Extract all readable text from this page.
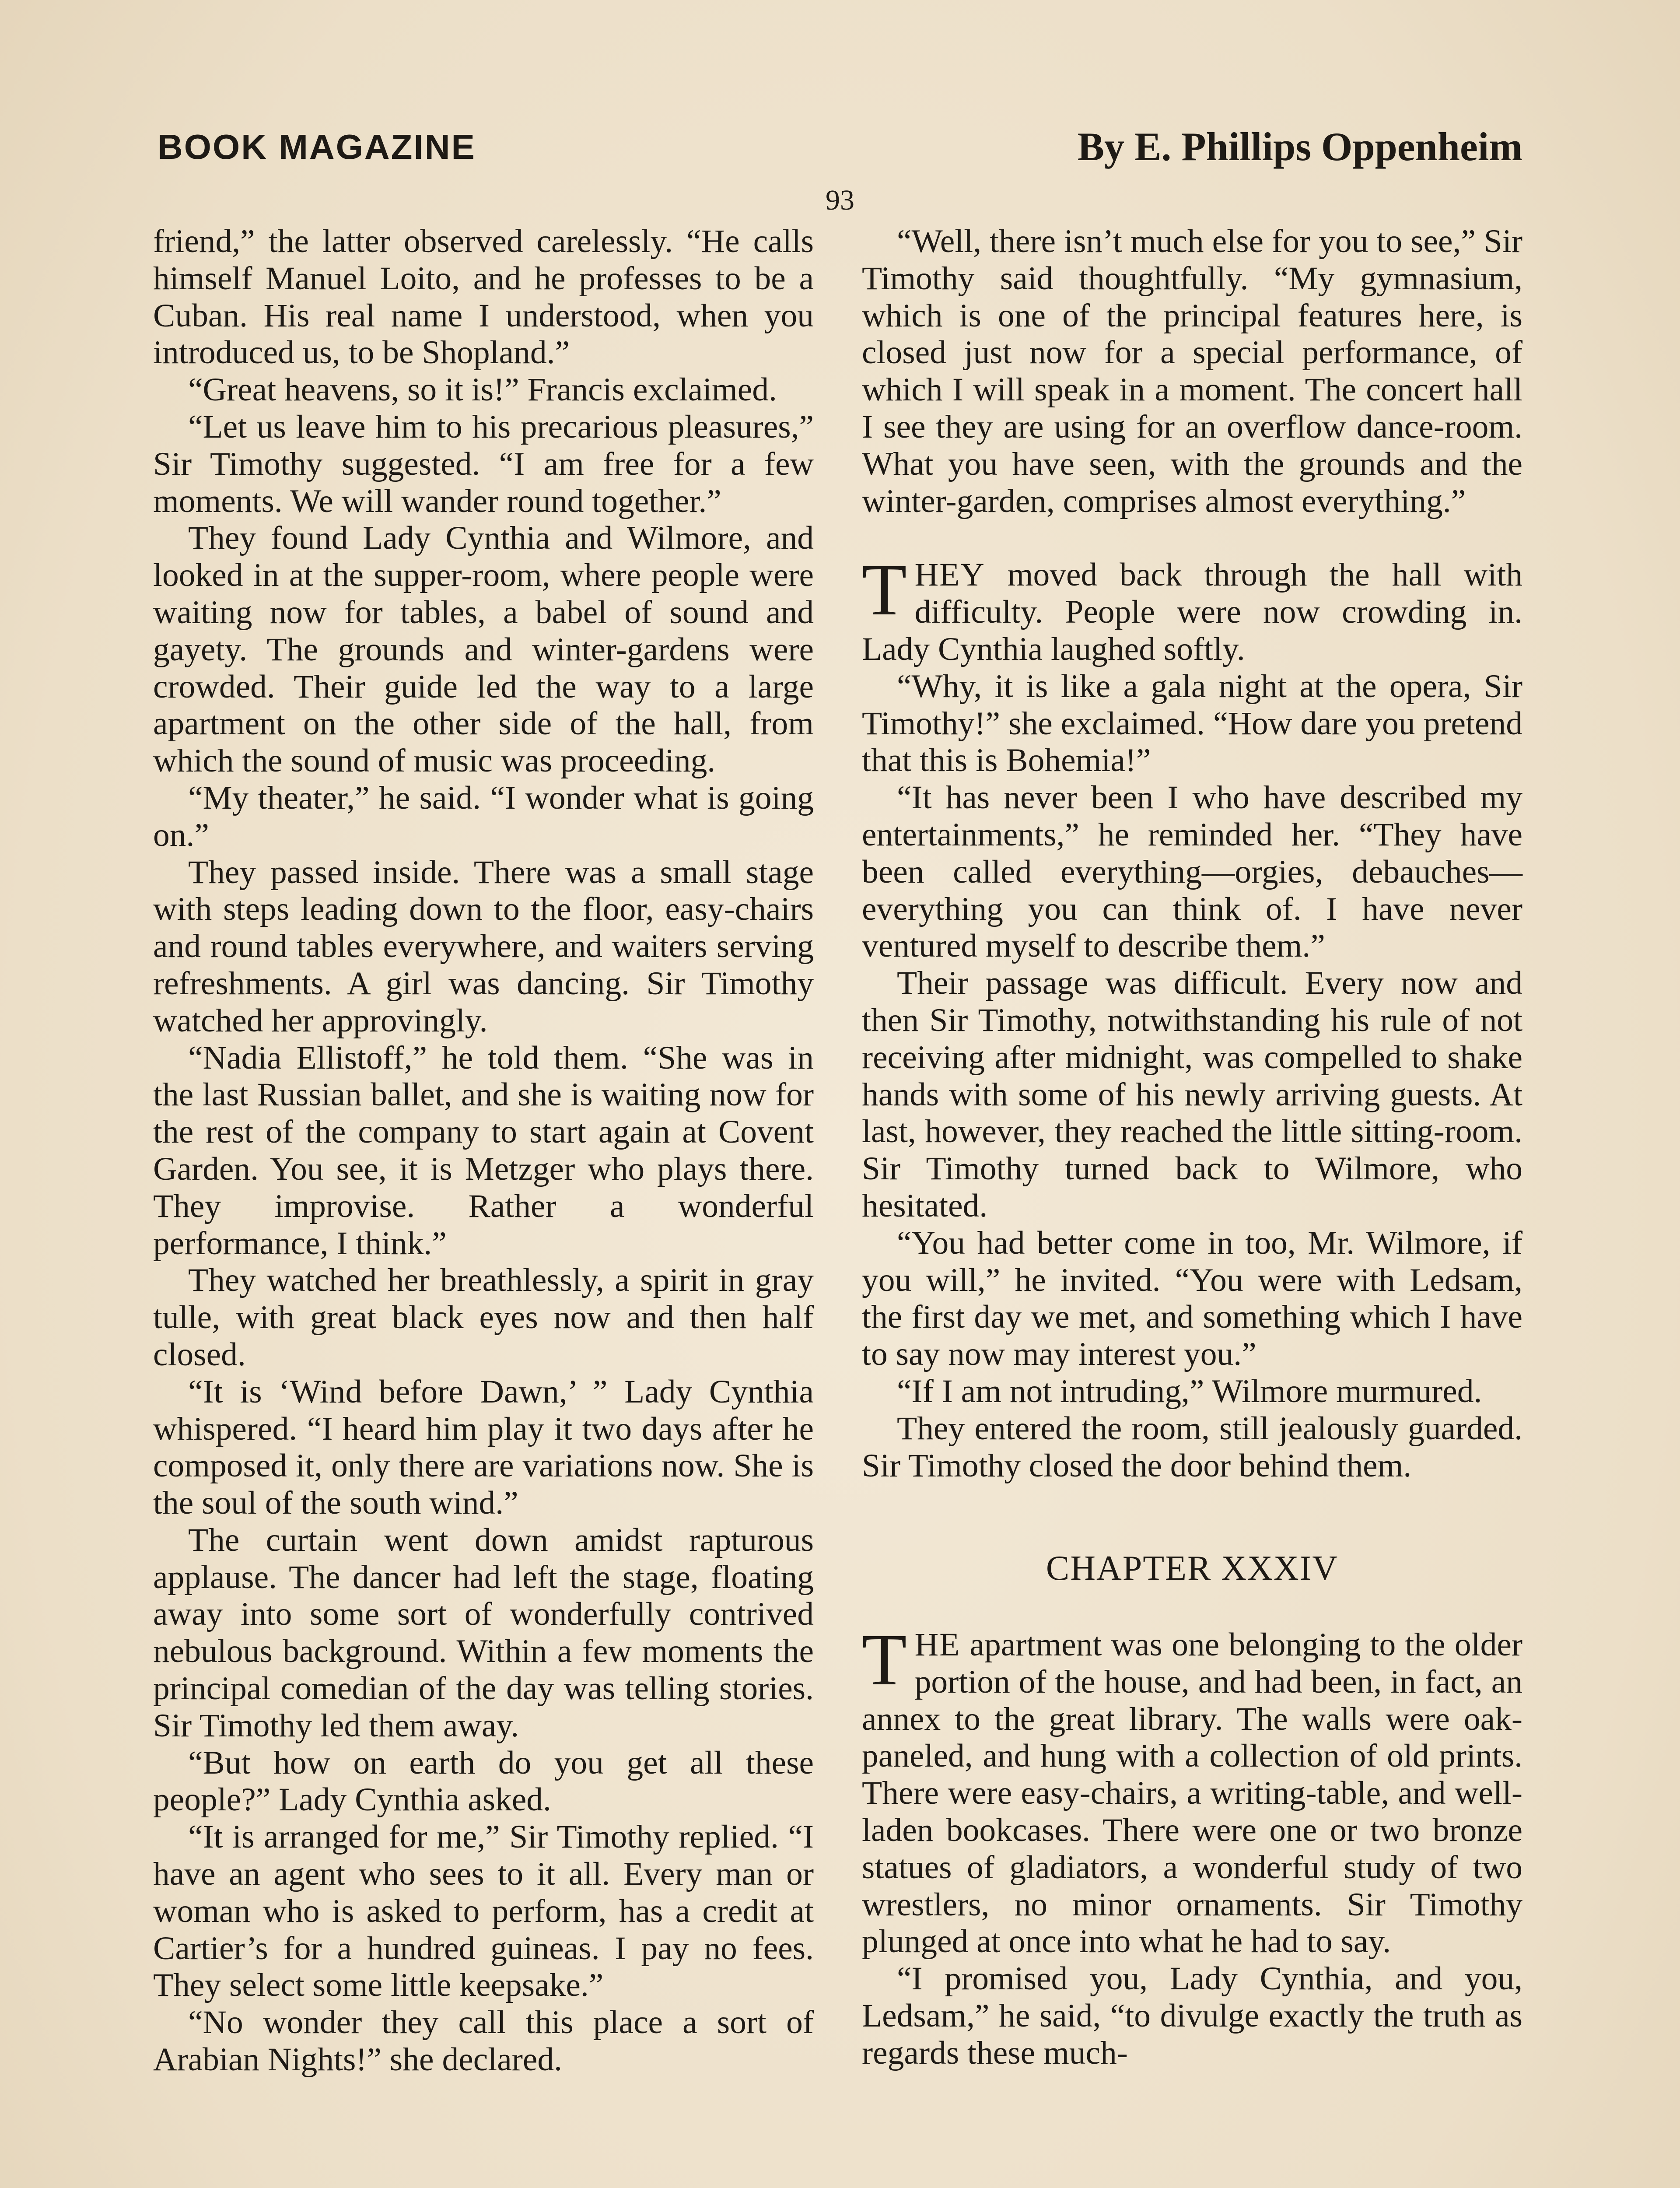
BOOK MAGAZINE	By E. Phillips Oppenheim
93

friend,” the latter observed carelessly. “He calls himself Manuel Loito, and he professes to be a Cuban. His real name I understood, when you introduced us, to be Shopland.”

“Great heavens, so it is!” Francis exclaimed.

“Let us leave him to his precarious pleasures,” Sir Timothy suggested. “I am free for a few moments. We will wander round together.”

They found Lady Cynthia and Wilmore, and looked in at the supper-room, where people were waiting now for tables, a babel of sound and gayety. The grounds and winter-gardens were crowded. Their guide led the way to a large apartment on the other side of the hall, from which the sound of music was proceeding.

“My theater,” he said. “I wonder what is going on.”

They passed inside. There was a small stage with steps leading down to the floor, easy-chairs and round tables everywhere, and waiters serving refreshments. A girl was dancing. Sir Timothy watched her approvingly.

“Nadia Ellistoff,” he told them. “She was in the last Russian ballet, and she is waiting now for the rest of the company to start again at Covent Garden. You see, it is Metzger who plays there. They improvise. Rather a wonderful performance, I think.”

They watched her breathlessly, a spirit in gray tulle, with great black eyes now and then half closed.

“It is ‘Wind before Dawn,’ ” Lady Cynthia whispered. “I heard him play it two days after he composed it, only there are variations now. She is the soul of the south wind.”

The curtain went down amidst rapturous applause. The dancer had left the stage, floating away into some sort of wonderfully contrived nebulous background. Within a few moments the principal comedian of the day was telling stories. Sir Timothy led them away.

“But how on earth do you get all these people?” Lady Cynthia asked.

“It is arranged for me,” Sir Timothy replied. “I have an agent who sees to it all. Every man or woman who is asked to perform, has a credit at Cartier’s for a hundred guineas. I pay no fees. They select some little keepsake.”

“No wonder they call this place a sort of Arabian Nights!” she declared.

“Well, there isn’t much else for you to see,” Sir Timothy said thoughtfully. “My gymnasium, which is one of the principal features here, is closed just now for a special performance, of which I will speak in a moment. The concert hall I see they are using for an overflow dance-room. What you have seen, with the grounds and the winter-garden, comprises almost everything.”

THEY moved back through the hall with difficulty. People were now crowding in. Lady Cynthia laughed softly.

“Why, it is like a gala night at the opera, Sir Timothy!” she exclaimed. “How dare you pretend that this is Bohemia!”

“It has never been I who have described my entertainments,” he reminded her. “They have been called everything—orgies, debauches—everything you can think of. I have never ventured myself to describe them.”

Their passage was difficult. Every now and then Sir Timothy, notwithstanding his rule of not receiving after midnight, was compelled to shake hands with some of his newly arriving guests. At last, however, they reached the little sitting-room. Sir Timothy turned back to Wilmore, who hesitated.

“You had better come in too, Mr. Wilmore, if you will,” he invited. “You were with Ledsam, the first day we met, and something which I have to say now may interest you.”

“If I am not intruding,” Wilmore murmured.

They entered the room, still jealously guarded. Sir Timothy closed the door behind them.

CHAPTER XXXIV

THE apartment was one belonging to the older portion of the house, and had been, in fact, an annex to the great library. The walls were oak-paneled, and hung with a collection of old prints. There were easy-chairs, a writing-table, and well-laden bookcases. There were one or two bronze statues of gladiators, a wonderful study of two wrestlers, no minor ornaments. Sir Timothy plunged at once into what he had to say.

“I promised you, Lady Cynthia, and you, Ledsam,” he said, “to divulge exactly the truth as regards these much-
